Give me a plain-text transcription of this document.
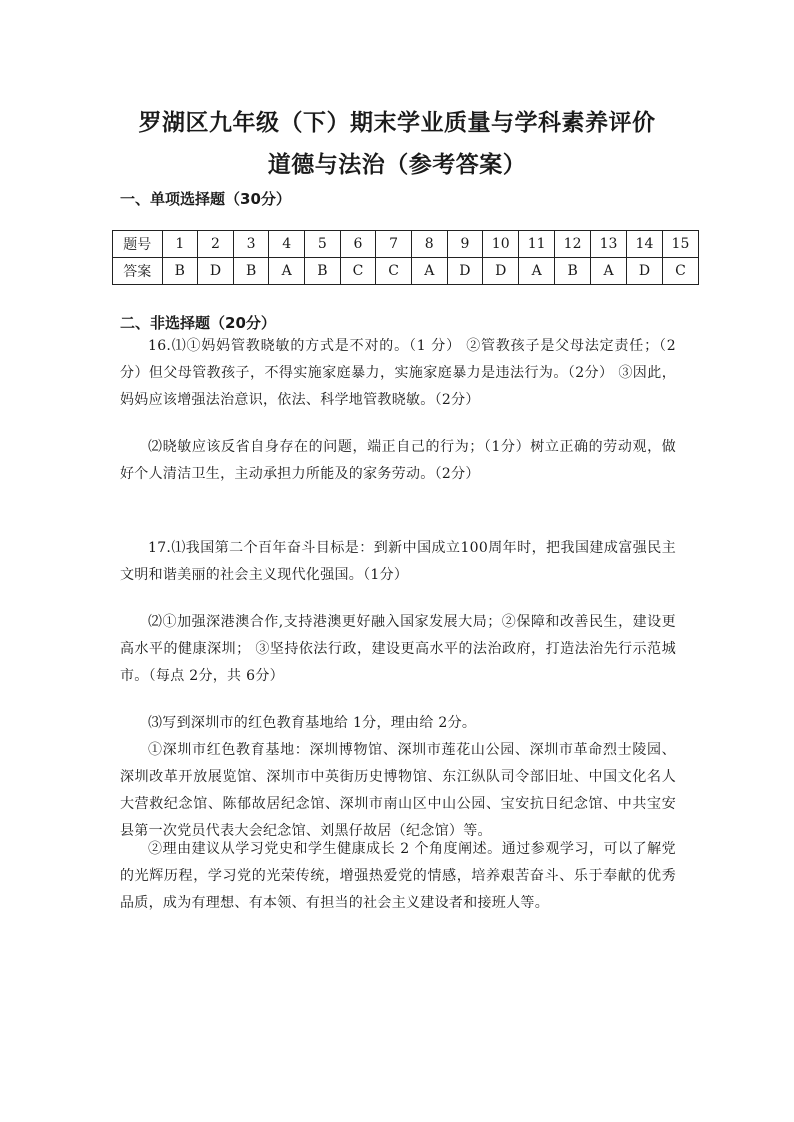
罗湖区九年级（下）期末学业质量与学科素养评价
道德与法治（参考答案）
一、单项选择题（30分）
题号	1	2	3	4	5	6	7	8	9	10	11	12	13	14	15
答案	B	D	B	A	B	C	C	A	D	D	A	B	A	D	C
二、非选择题（20分）
16.⑴①妈妈管教晓敏的方式是不对的。（1 分） ②管教孩子是父母法定责任；（2 分）但父母管教孩子，不得实施家庭暴力，实施家庭暴力是违法行为。（2分） ③因此，妈妈应该增强法治意识，依法、科学地管教晓敏。（2分）
⑵晓敏应该反省自身存在的问题，端正自己的行为；（1分）树立正确的劳动观，做好个人清洁卫生，主动承担力所能及的家务劳动。（2分）
17.⑴我国第二个百年奋斗目标是：到新中国成立100周年时，把我国建成富强民主文明和谐美丽的社会主义现代化强国。（1分）
⑵①加强深港澳合作,支持港澳更好融入国家发展大局；②保障和改善民生，建设更高水平的健康深圳； ③坚持依法行政，建设更高水平的法治政府，打造法治先行示范城市。（每点 2分，共 6分）
⑶写到深圳市的红色教育基地给 1分，理由给 2分。
①深圳市红色教育基地：深圳博物馆、深圳市莲花山公园、深圳市革命烈士陵园、深圳改革开放展览馆、深圳市中英街历史博物馆、东江纵队司令部旧址、中国文化名人大营救纪念馆、陈郁故居纪念馆、深圳市南山区中山公园、宝安抗日纪念馆、中共宝安县第一次党员代表大会纪念馆、刘黑仔故居（纪念馆）等。
②理由建议从学习党史和学生健康成长 2 个角度阐述。通过参观学习，可以了解党的光辉历程，学习党的光荣传统，增强热爱党的情感，培养艰苦奋斗、乐于奉献的优秀品质，成为有理想、有本领、有担当的社会主义建设者和接班人等。
